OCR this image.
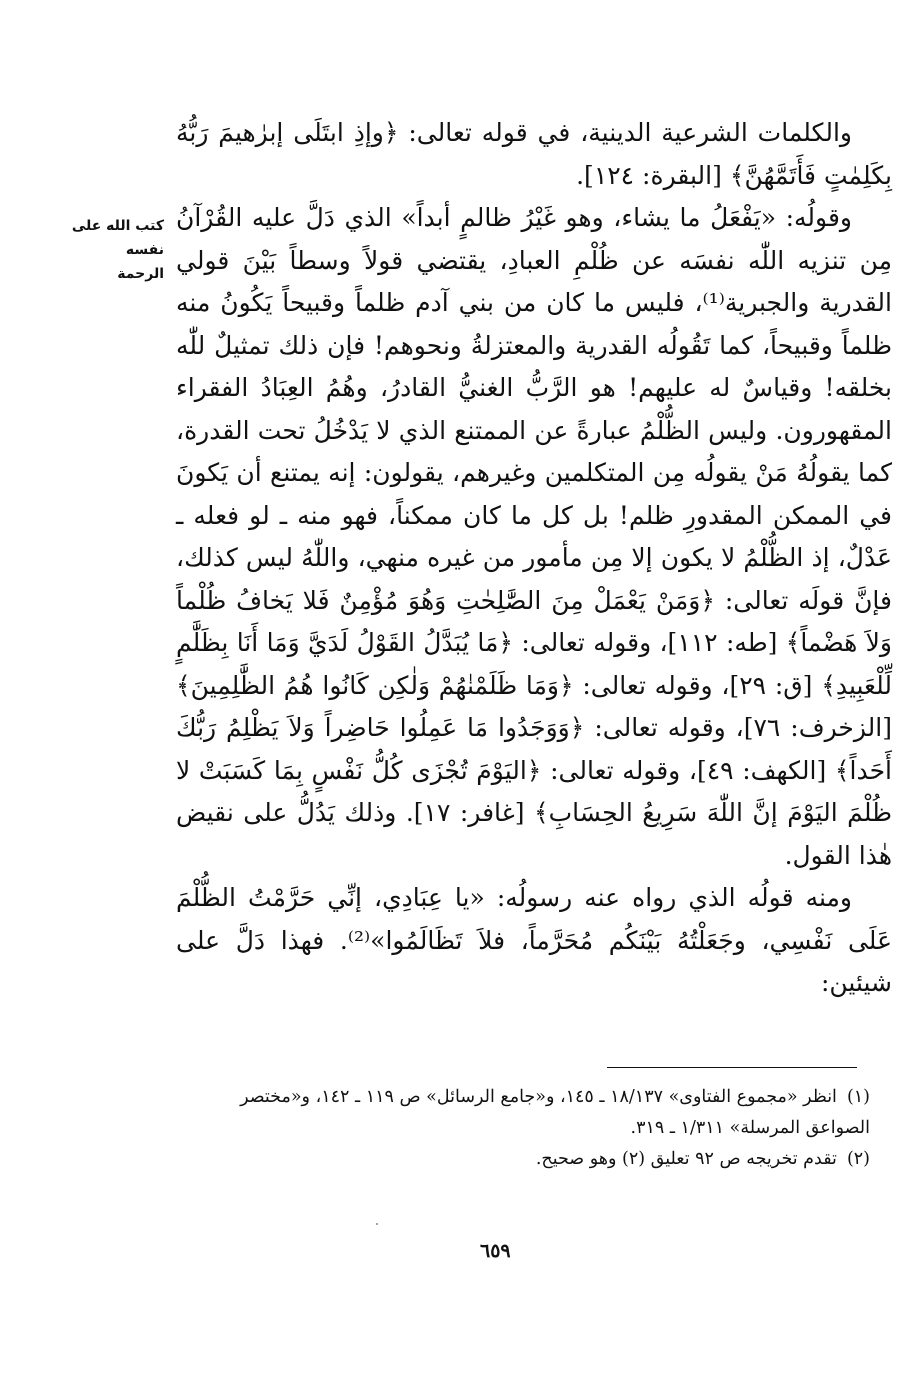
كتب الله على نفسه
الرحمة

والكلمات الشرعية الدينية، في قوله تعالى: ﴿وإذِ ابتَلَى إبرٰهيمَ رَبُّهُ بِكَلِمٰتٍ فَأَتَمَّهُنَّ﴾ [البقرة: ١٢٤].

وقولُه: «يَفْعَلُ ما يشاء، وهو غَيْرُ ظالمٍ أبداً» الذي دَلَّ عليه القُرْآنُ مِن تنزيه اللّٰه نفسَه عن ظُلْمِ العبادِ، يقتضي قولاً وسطاً بَيْنَ قولي القدرية والجبرية⁽¹⁾، فليس ما كان من بني آدم ظلماً وقبيحاً يَكُونُ منه ظلماً وقبيحاً، كما تَقُولُه القدرية والمعتزلةُ ونحوهم! فإن ذلك تمثيلٌ للّٰه بخلقه! وقياسٌ له عليهم! هو الرَّبُّ الغنيُّ القادرُ، وهُمُ العِبَادُ الفقراء المقهورون. وليس الظُّلْمُ عبارةً عن الممتنع الذي لا يَدْخُلُ تحت القدرة، كما يقولُهُ مَنْ يقولُه مِن المتكلمين وغيرهم، يقولون: إنه يمتنع أن يَكونَ في الممكن المقدورِ ظلم! بل كل ما كان ممكناً، فهو منه ـ لو فعله ـ عَدْلٌ، إذ الظُّلْمُ لا يكون إلا مِن مأمور من غيره منهي، واللّٰهُ ليس كذلك، فإنَّ قولَه تعالى: ﴿وَمَنْ يَعْمَلْ مِنَ الصَّٰلِحٰتِ وَهُوَ مُؤْمِنٌ فَلا يَخافُ ظُلْماً وَلاَ هَضْماً﴾ [طه: ١١٢]، وقوله تعالى: ﴿مَا يُبَدَّلُ القَوْلُ لَدَيَّ وَمَا أَنَا بِظَلَّٰمٍ لِّلْعَبِيدِ﴾ [ق: ٢٩]، وقوله تعالى: ﴿وَمَا ظَلَمْنٰهُمْ وَلٰكِن كَانُوا هُمُ الظَّٰلِمِينَ﴾ [الزخرف: ٧٦]، وقوله تعالى: ﴿وَوَجَدُوا مَا عَمِلُوا حَاضِراً وَلاَ يَظْلِمُ رَبُّكَ أَحَداً﴾ [الكهف: ٤٩]، وقوله تعالى: ﴿اليَوْمَ تُجْزَى كُلُّ نَفْسٍ بِمَا كَسَبَتْ لا ظُلْمَ اليَوْمَ إنَّ اللّٰهَ سَرِيعُ الحِسَابِ﴾ [غافر: ١٧]. وذلك يَدُلُّ على نقيض هٰذا القول.

ومنه قولُه الذي رواه عنه رسولُه: «يا عِبَادِي، إنِّي حَرَّمْتُ الظُّلْمَ عَلَى نَفْسِي، وجَعَلْتُهُ بَيْنَكُم مُحَرَّماً، فلاَ تَظَالَمُوا»⁽²⁾. فهذا دَلَّ على شيئين:

(١)انظر «مجموع الفتاوى» ١٨/١٣٧ ـ ١٤٥، و«جامع الرسائل» ص ١١٩ ـ ١٤٢، و«مختصر الصواعق المرسلة» ١/٣١١ ـ ٣١٩.

(٢)تقدم تخريجه ص ٩٢ تعليق (٢) وهو صحيح.

٦٥٩
